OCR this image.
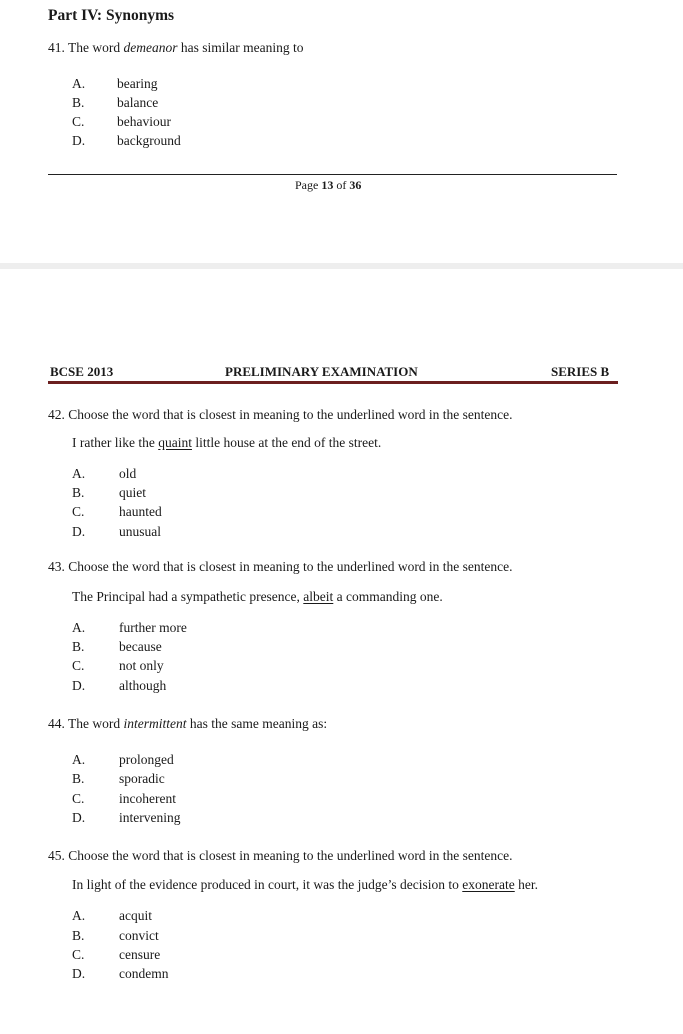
Part IV: Synonyms
41. The word demeanor has similar meaning to
A. bearing
B. balance
C. behaviour
D. background
Page 13 of 36
BCSE 2013	PRELIMINARY EXAMINATION	SERIES B
42. Choose the word that is closest in meaning to the underlined word in the sentence.
I rather like the quaint little house at the end of the street.
A.	old
B.	quiet
C.	haunted
D.	unusual
43. Choose the word that is closest in meaning to the underlined word in the sentence.
The Principal had a sympathetic presence, albeit a commanding one.
A.	further more
B.	because
C.	not only
D.	although
44. The word intermittent has the same meaning as:
A.	prolonged
B.	sporadic
C.	incoherent
D.	intervening
45. Choose the word that is closest in meaning to the underlined word in the sentence.
In light of the evidence produced in court, it was the judge’s decision to exonerate her.
A.	acquit
B.	convict
C.	censure
D.	condemn
